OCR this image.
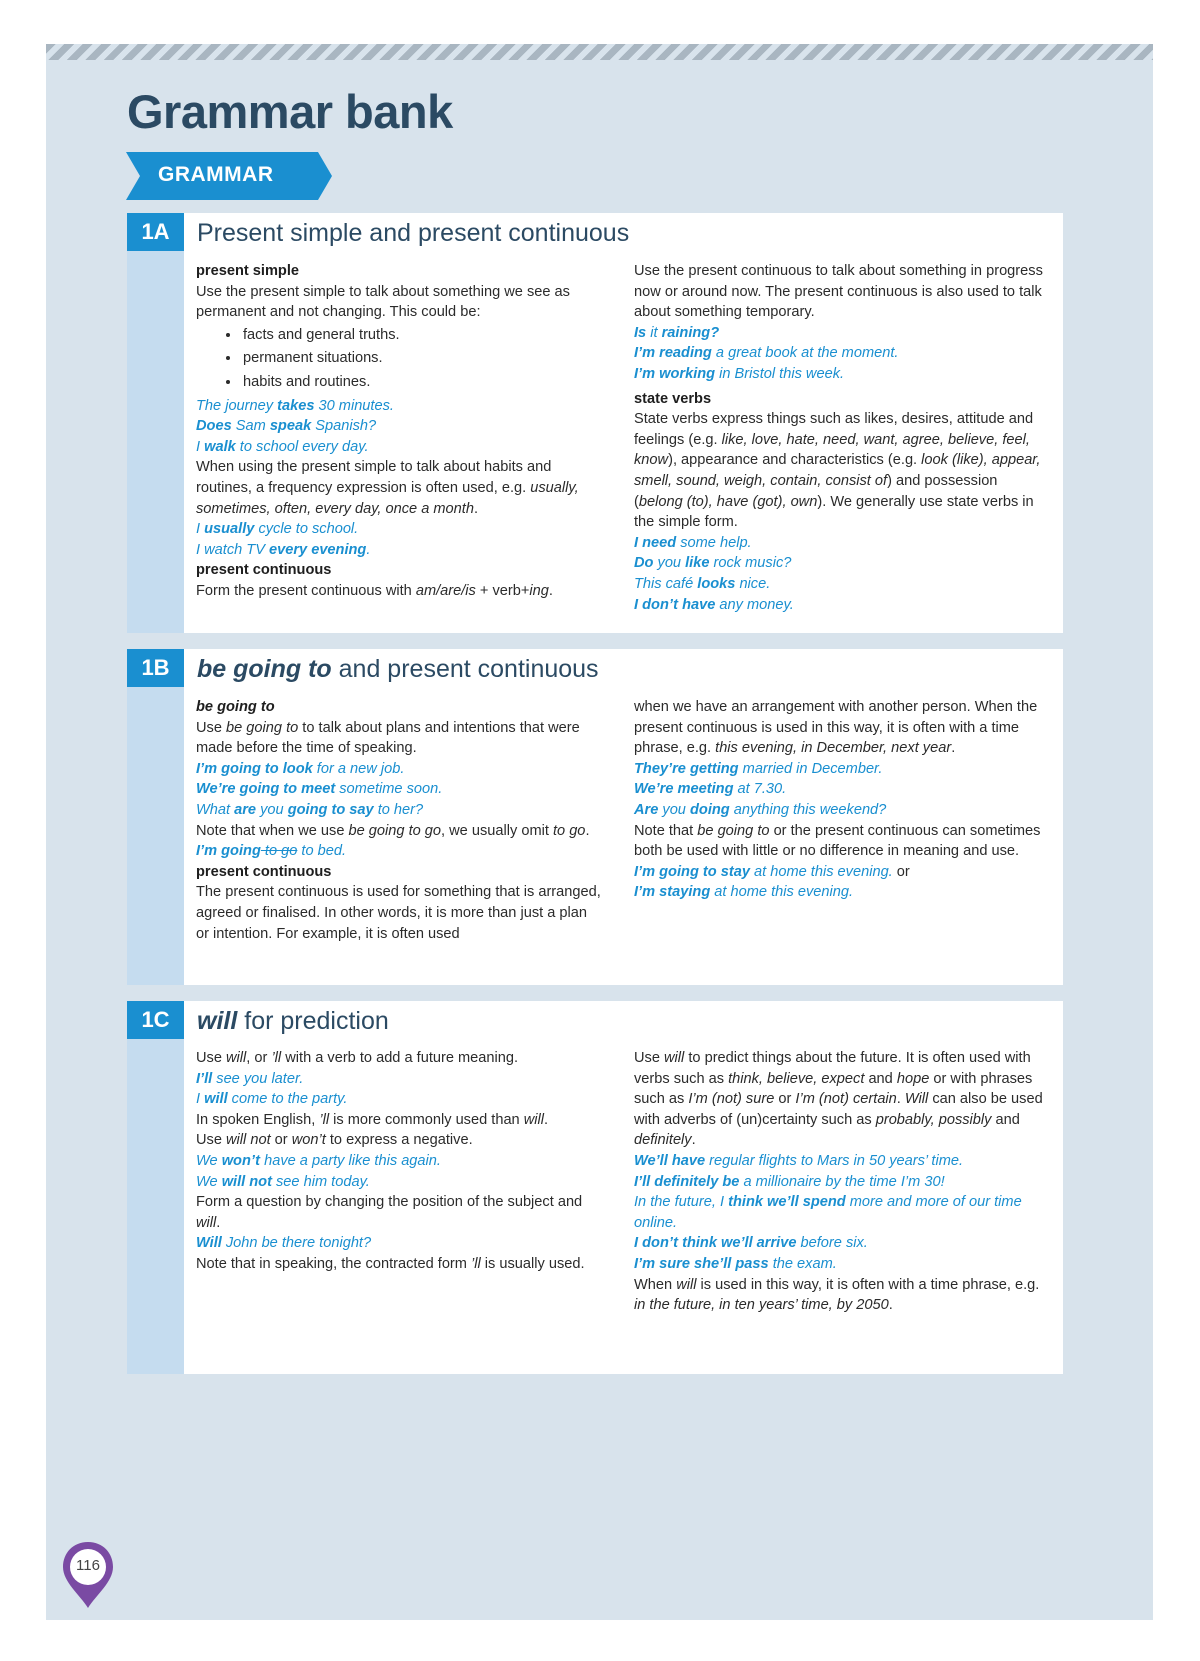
Grammar bank
GRAMMAR
1A	Present simple and present continuous

present simple

Use the present simple to talk about something we see as permanent and not changing. This could be:

• facts and general truths.
• permanent situations.
• habits and routines.

The journey takes 30 minutes.

Does Sam speak Spanish?

I walk to school every day.

When using the present simple to talk about habits and routines, a frequency expression is often used, e.g. usually, sometimes, often, every day, once a month.

I usually cycle to school.

I watch TV every evening.

present continuous

Form the present continuous with am/are/is + verb+ing.

Use the present continuous to talk about something in progress now or around now. The present continuous is also used to talk about something temporary.

Is it raining?

I’m reading a great book at the moment.

I’m working in Bristol this week.

state verbs

State verbs express things such as likes, desires, attitude and feelings (e.g. like, love, hate, need, want, agree, believe, feel, know), appearance and characteristics (e.g. look (like), appear, smell, sound, weigh, contain, consist of) and possession (belong (to), have (got), own). We generally use state verbs in the simple form.

I need some help.

Do you like rock music?

This café looks nice.

I don’t have any money.

1B	be going to and present continuous

be going to

Use be going to to talk about plans and intentions that were made before the time of speaking.

I’m going to look for a new job.

We’re going to meet sometime soon.

What are you going to say to her?

Note that when we use be going to go, we usually omit to go.

I’m going to go to bed.

present continuous

The present continuous is used for something that is arranged, agreed or finalised. In other words, it is more than just a plan or intention. For example, it is often used

when we have an arrangement with another person. When the present continuous is used in this way, it is often with a time phrase, e.g. this evening, in December, next year.

They’re getting married in December.

We’re meeting at 7.30.

Are you doing anything this weekend?

Note that be going to or the present continuous can sometimes both be used with little or no difference in meaning and use.

I’m going to stay at home this evening. or

I’m staying at home this evening.

1C	will for prediction

Use will, or ’ll with a verb to add a future meaning.

I’ll see you later.

I will come to the party.

In spoken English, ’ll is more commonly used than will.

Use will not or won’t to express a negative.

We won’t have a party like this again.

We will not see him today.

Form a question by changing the position of the subject and will.

Will John be there tonight?

Note that in speaking, the contracted form ’ll is usually used.

Use will to predict things about the future. It is often used with verbs such as think, believe, expect and hope or with phrases such as I’m (not) sure or I’m (not) certain. Will can also be used with adverbs of (un)certainty such as probably, possibly and definitely.

We’ll have regular flights to Mars in 50 years’ time.

I’ll definitely be a millionaire by the time I’m 30!

In the future, I think we’ll spend more and more of our time online.

I don’t think we’ll arrive before six.

I’m sure she’ll pass the exam.

When will is used in this way, it is often with a time phrase, e.g. in the future, in ten years’ time, by 2050.

116
